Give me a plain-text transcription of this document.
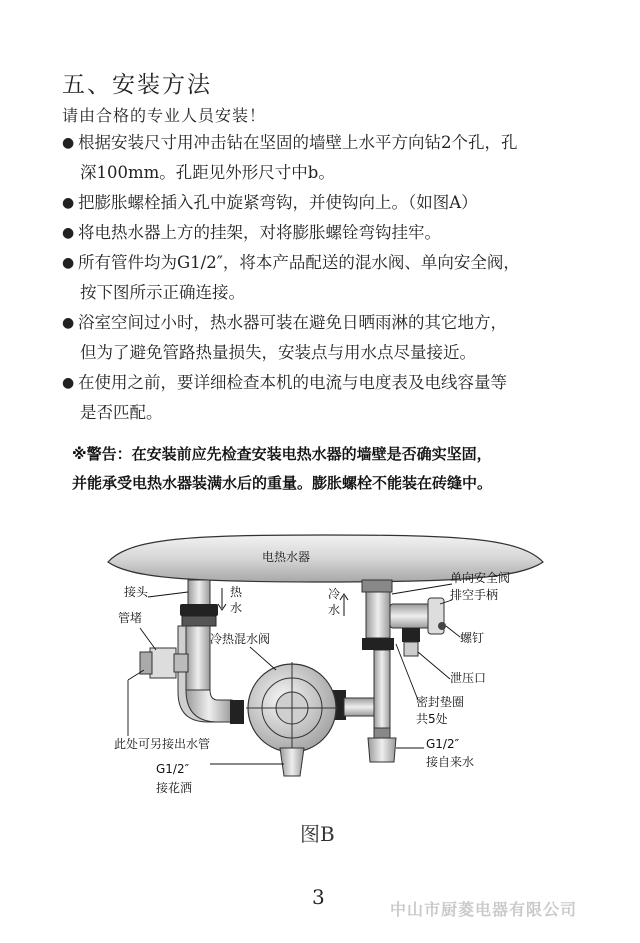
五、安装方法
请由合格的专业人员安装！
● 根据安装尺寸用冲击钻在坚固的墙壁上水平方向钻2个孔，孔
深100mm。孔距见外形尺寸中b。
● 把膨胀螺栓插入孔中旋紧弯钩，并使钩向上。（如图A）
● 将电热水器上方的挂架，对将膨胀螺铨弯钩挂牢。
● 所有管件均为G1/2″，将本产品配送的混水阀、单向安全阀，
按下图所示正确连接。
● 浴室空间过小时，热水器可装在避免日晒雨淋的其它地方，
但为了避免管路热量损失，安装点与用水点尽量接近。
● 在使用之前，要详细检查本机的电流与电度表及电线容量等
是否匹配。
※警告：在安装前应先检查安装电热水器的墙壁是否确实坚固，
并能承受电热水器装满水后的重量。膨胀螺栓不能装在砖缝中。
电热水器
接头	热
水
冷
水
管堵
冷热混水阀
单向安全阀
排空手柄
螺钉
泄压口
密封垫圈
共5处
此处可另接出水管
G1/2″
接花洒
G1/2″
接自来水
图B
3
中山市厨菱电器有限公司
